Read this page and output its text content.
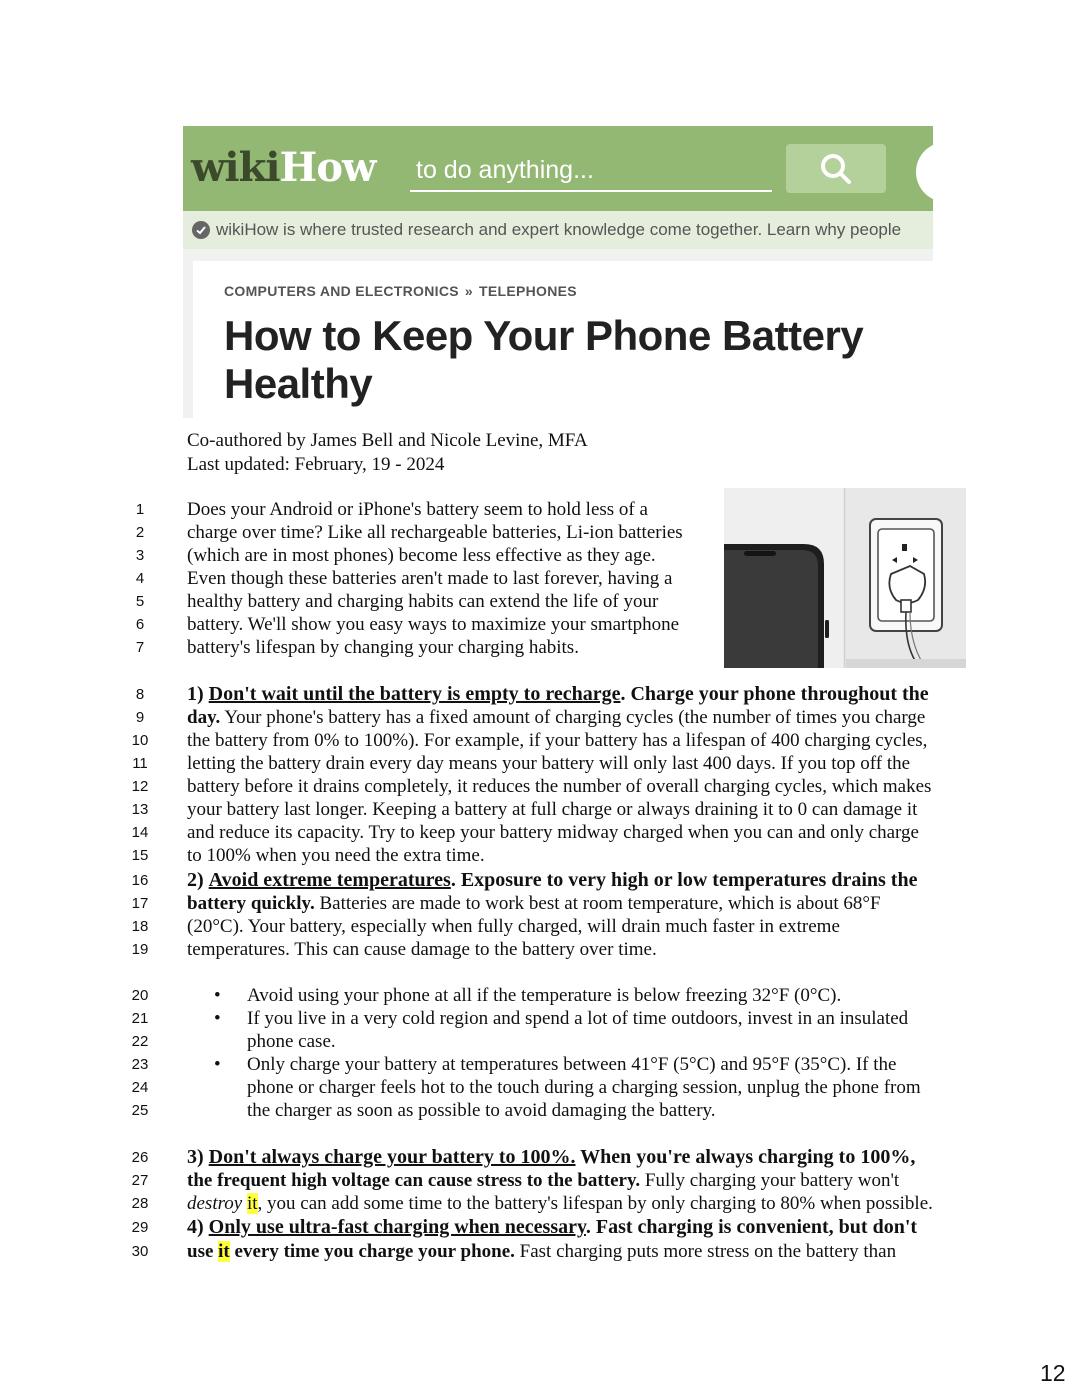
wikiHow
to do anything...
wikiHow is where trusted research and expert knowledge come together. Learn why people
COMPUTERS AND ELECTRONICS » TELEPHONES
How to Keep Your Phone Battery
Healthy
Co-authored by James Bell and Nicole Levine, MFA
Last updated: February, 19 - 2024
1
2
3
4
5
6
7
8
9
10
11
12
13
14
15
16
17
18
19
20
21
22
23
24
25
26
27
28
29
30
Does your Android or iPhone's battery seem to hold less of a
charge over time? Like all rechargeable batteries, Li-ion batteries
(which are in most phones) become less effective as they age.
Even though these batteries aren't made to last forever, having a
healthy battery and charging habits can extend the life of your
battery. We'll show you easy ways to maximize your smartphone
battery's lifespan by changing your charging habits.
1) Don't wait until the battery is empty to recharge. Charge your phone throughout the
day. Your phone's battery has a fixed amount of charging cycles (the number of times you charge
the battery from 0% to 100%). For example, if your battery has a lifespan of 400 charging cycles,
letting the battery drain every day means your battery will only last 400 days. If you top off the
battery before it drains completely, it reduces the number of overall charging cycles, which makes
your battery last longer. Keeping a battery at full charge or always draining it to 0 can damage it
and reduce its capacity. Try to keep your battery midway charged when you can and only charge
to 100% when you need the extra time.
2) Avoid extreme temperatures. Exposure to very high or low temperatures drains the
battery quickly. Batteries are made to work best at room temperature, which is about 68°F
(20°C). Your battery, especially when fully charged, will drain much faster in extreme
temperatures. This can cause damage to the battery over time.
• Avoid using your phone at all if the temperature is below freezing 32°F (0°C).
• If you live in a very cold region and spend a lot of time outdoors, invest in an insulated
phone case.
• Only charge your battery at temperatures between 41°F (5°C) and 95°F (35°C). If the
phone or charger feels hot to the touch during a charging session, unplug the phone from
the charger as soon as possible to avoid damaging the battery.
3) Don't always charge your battery to 100%. When you're always charging to 100%,
the frequent high voltage can cause stress to the battery. Fully charging your battery won't
destroy it, you can add some time to the battery's lifespan by only charging to 80% when possible.
4) Only use ultra-fast charging when necessary. Fast charging is convenient, but don't
use it every time you charge your phone. Fast charging puts more stress on the battery than
12
